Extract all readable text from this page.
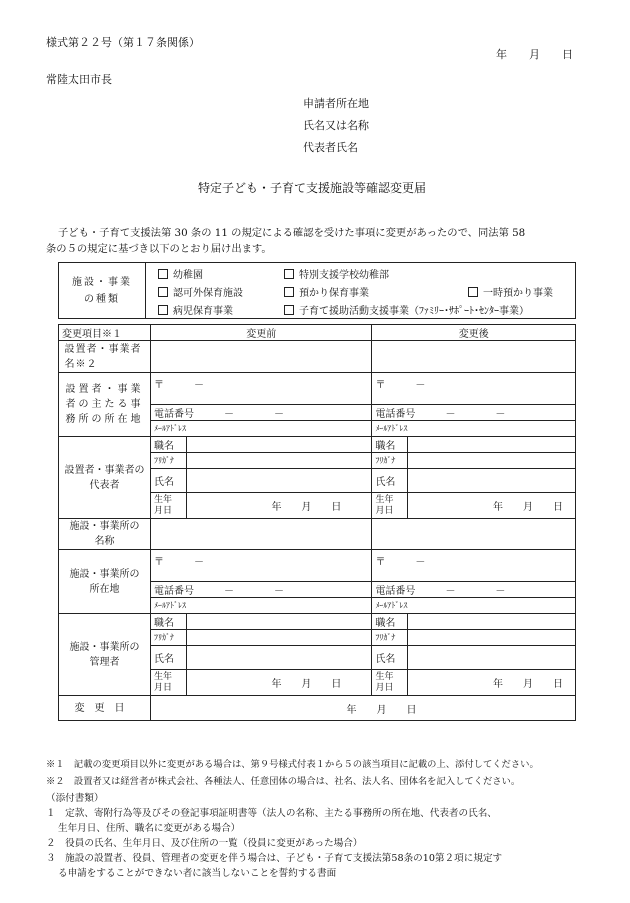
様式第２２号（第１７条関係）
年　　月　　日
常陸太田市長
申請者所在地
氏名又は名称
代表者氏名
特定子ども・子育て支援施設等確認変更届
子ども・子育て支援法第 30 条の 11 の規定による確認を受けた事項に変更があったので、同法第 58
条の５の規定に基づき以下のとおり届け出ます。
施設・事業の種類	
幼稚園	特別支援学校幼稚部
認可外保育施設	預かり保育事業	一時預かり事業
病児保育事業	子育て援助活動支援事業（ﾌｧﾐﾘｰ･ｻﾎﾟｰﾄ･ｾﾝﾀｰ事業）
変更項目※１	変更前		変更後	
設置者・事業者名※２				
設置者・事業者の主たる事務所の所在地	〒　　　－		〒　　　－	
	電話番号 －　　　　－		電話番号 －　　　　－	
	ﾒｰﾙｱﾄﾞﾚｽ		ﾒｰﾙｱﾄﾞﾚｽ	
設置者・事業者の代表者	職名		職名	
	ﾌﾘｶﾞﾅ		ﾌﾘｶﾞﾅ	
	氏名		氏名	
	生年月日	年　　月　　日	生年月日	年　　月　　日
施設・事業所の名称				
施設・事業所の所在地	〒　　　－		〒　　　－	
	電話番号 －　　　　－		電話番号 －　　　　－	
	ﾒｰﾙｱﾄﾞﾚｽ		ﾒｰﾙｱﾄﾞﾚｽ	
施設・事業所の管理者	職名		職名	
	ﾌﾘｶﾞﾅ		ﾌﾘｶﾞﾅ	
	氏名		氏名	
	生年月日	年　　月　　日	生年月日	年　　月　　日
変更日	年　　月　　日			
※１　記載の変更項目以外に変更がある場合は、第９号様式付表１から５の該当項目に記載の上、添付してください。
※２　設置者又は経営者が株式会社、各種法人、任意団体の場合は、社名、法人名、団体名を記入してください。
（添付書類）
１　定款、寄附行為等及びその登記事項証明書等（法人の名称、主たる事務所の所在地、代表者の氏名、
生年月日、住所、職名に変更がある場合）
２　役員の氏名、生年月日、及び住所の一覧（役員に変更があった場合）
３　施設の設置者、役員、管理者の変更を伴う場合は、子ども・子育て支援法第58条の10第２項に規定す
る申請をすることができない者に該当しないことを誓約する書面
